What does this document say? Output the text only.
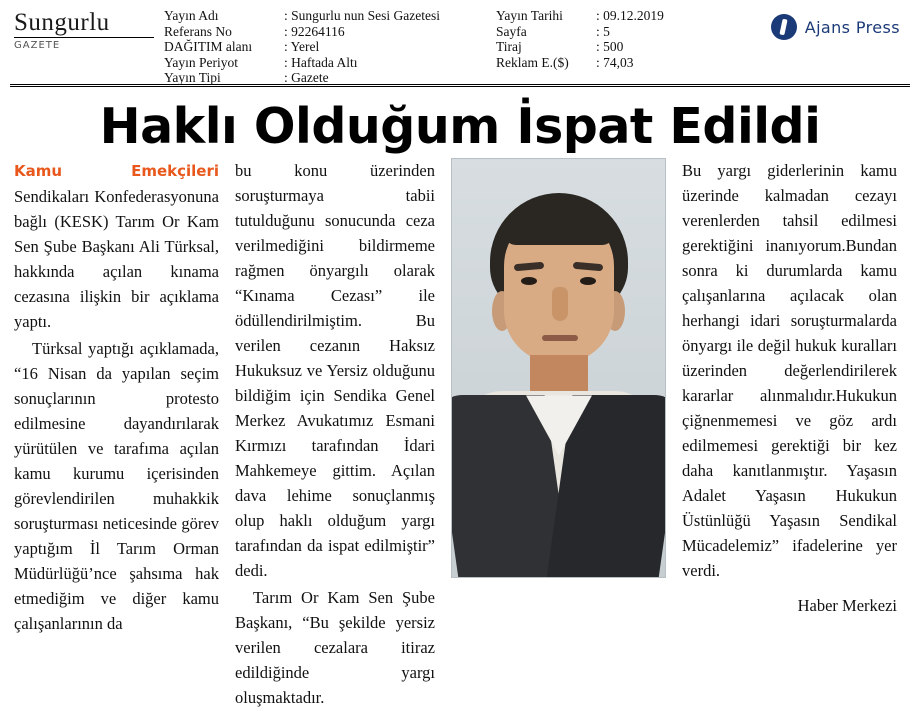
Sungurlu
GAZETE
Yayın Adı
Referans No
DAĞITIM alanı
Yayın Periyot
Yayın Tipi
: Sungurlu nun Sesi Gazetesi
: 92264116
: Yerel
: Haftada Altı
: Gazete
Yayın Tarihi
Sayfa
Tiraj
Reklam E.($)
: 09.12.2019
: 5
: 500
: 74,03
Ajans Press
Haklı Olduğum İspat Edildi

Kamu Emekçileri Sendikaları Konfederasyonuna bağlı (KESK) Tarım Or Kam Sen Şube Başkanı Ali Türksal, hakkında açılan kınama cezasına ilişkin bir açıklama yaptı.

Türksal yaptığı açıklamada, “16 Nisan da yapılan seçim sonuçlarının protesto edilmesine dayandırılarak yürütülen ve tarafıma açılan kamu kurumu içerisinden görevlendirilen muhakkik soruşturması neticesinde görev yaptığım İl Tarım Orman Müdürlüğü’nce şahsıma hak etmediğim ve diğer kamu çalışanlarının da

bu konu üzerinden soruşturmaya tabii tutulduğunu sonucunda ceza verilmediğini bildirmeme rağmen önyargılı olarak “Kınama Cezası” ile ödüllendirilmiştim. Bu verilen cezanın Haksız Hukuksuz ve Yersiz olduğunu bildiğim için Sendika Genel Merkez Avukatımız Esmani Kırmızı tarafından İdari Mahkemeye gittim. Açılan dava lehime sonuçlanmış olup haklı olduğum yargı tarafından da ispat edilmiştir” dedi.

Tarım Or Kam Sen Şube Başkanı, “Bu şekilde yersiz verilen cezalara itiraz edildiğinde yargı oluşmaktadır.

Bu yargı giderlerinin kamu üzerinde kalmadan cezayı verenlerden tahsil edilmesi gerektiğini inanıyorum.Bundan sonra ki durumlarda kamu çalışanlarına açılacak olan herhangi idari soruşturmalarda önyargı ile değil hukuk kuralları üzerinden değerlendirilerek kararlar alınmalıdır.Hukukun çiğnenmemesi ve göz ardı edilmemesi gerektiği bir kez daha kanıtlanmıştır. Yaşasın Adalet Yaşasın Hukukun Üstünlüğü Yaşasın Sendikal Mücadelemiz” ifadelerine yer verdi.

Haber Merkezi
